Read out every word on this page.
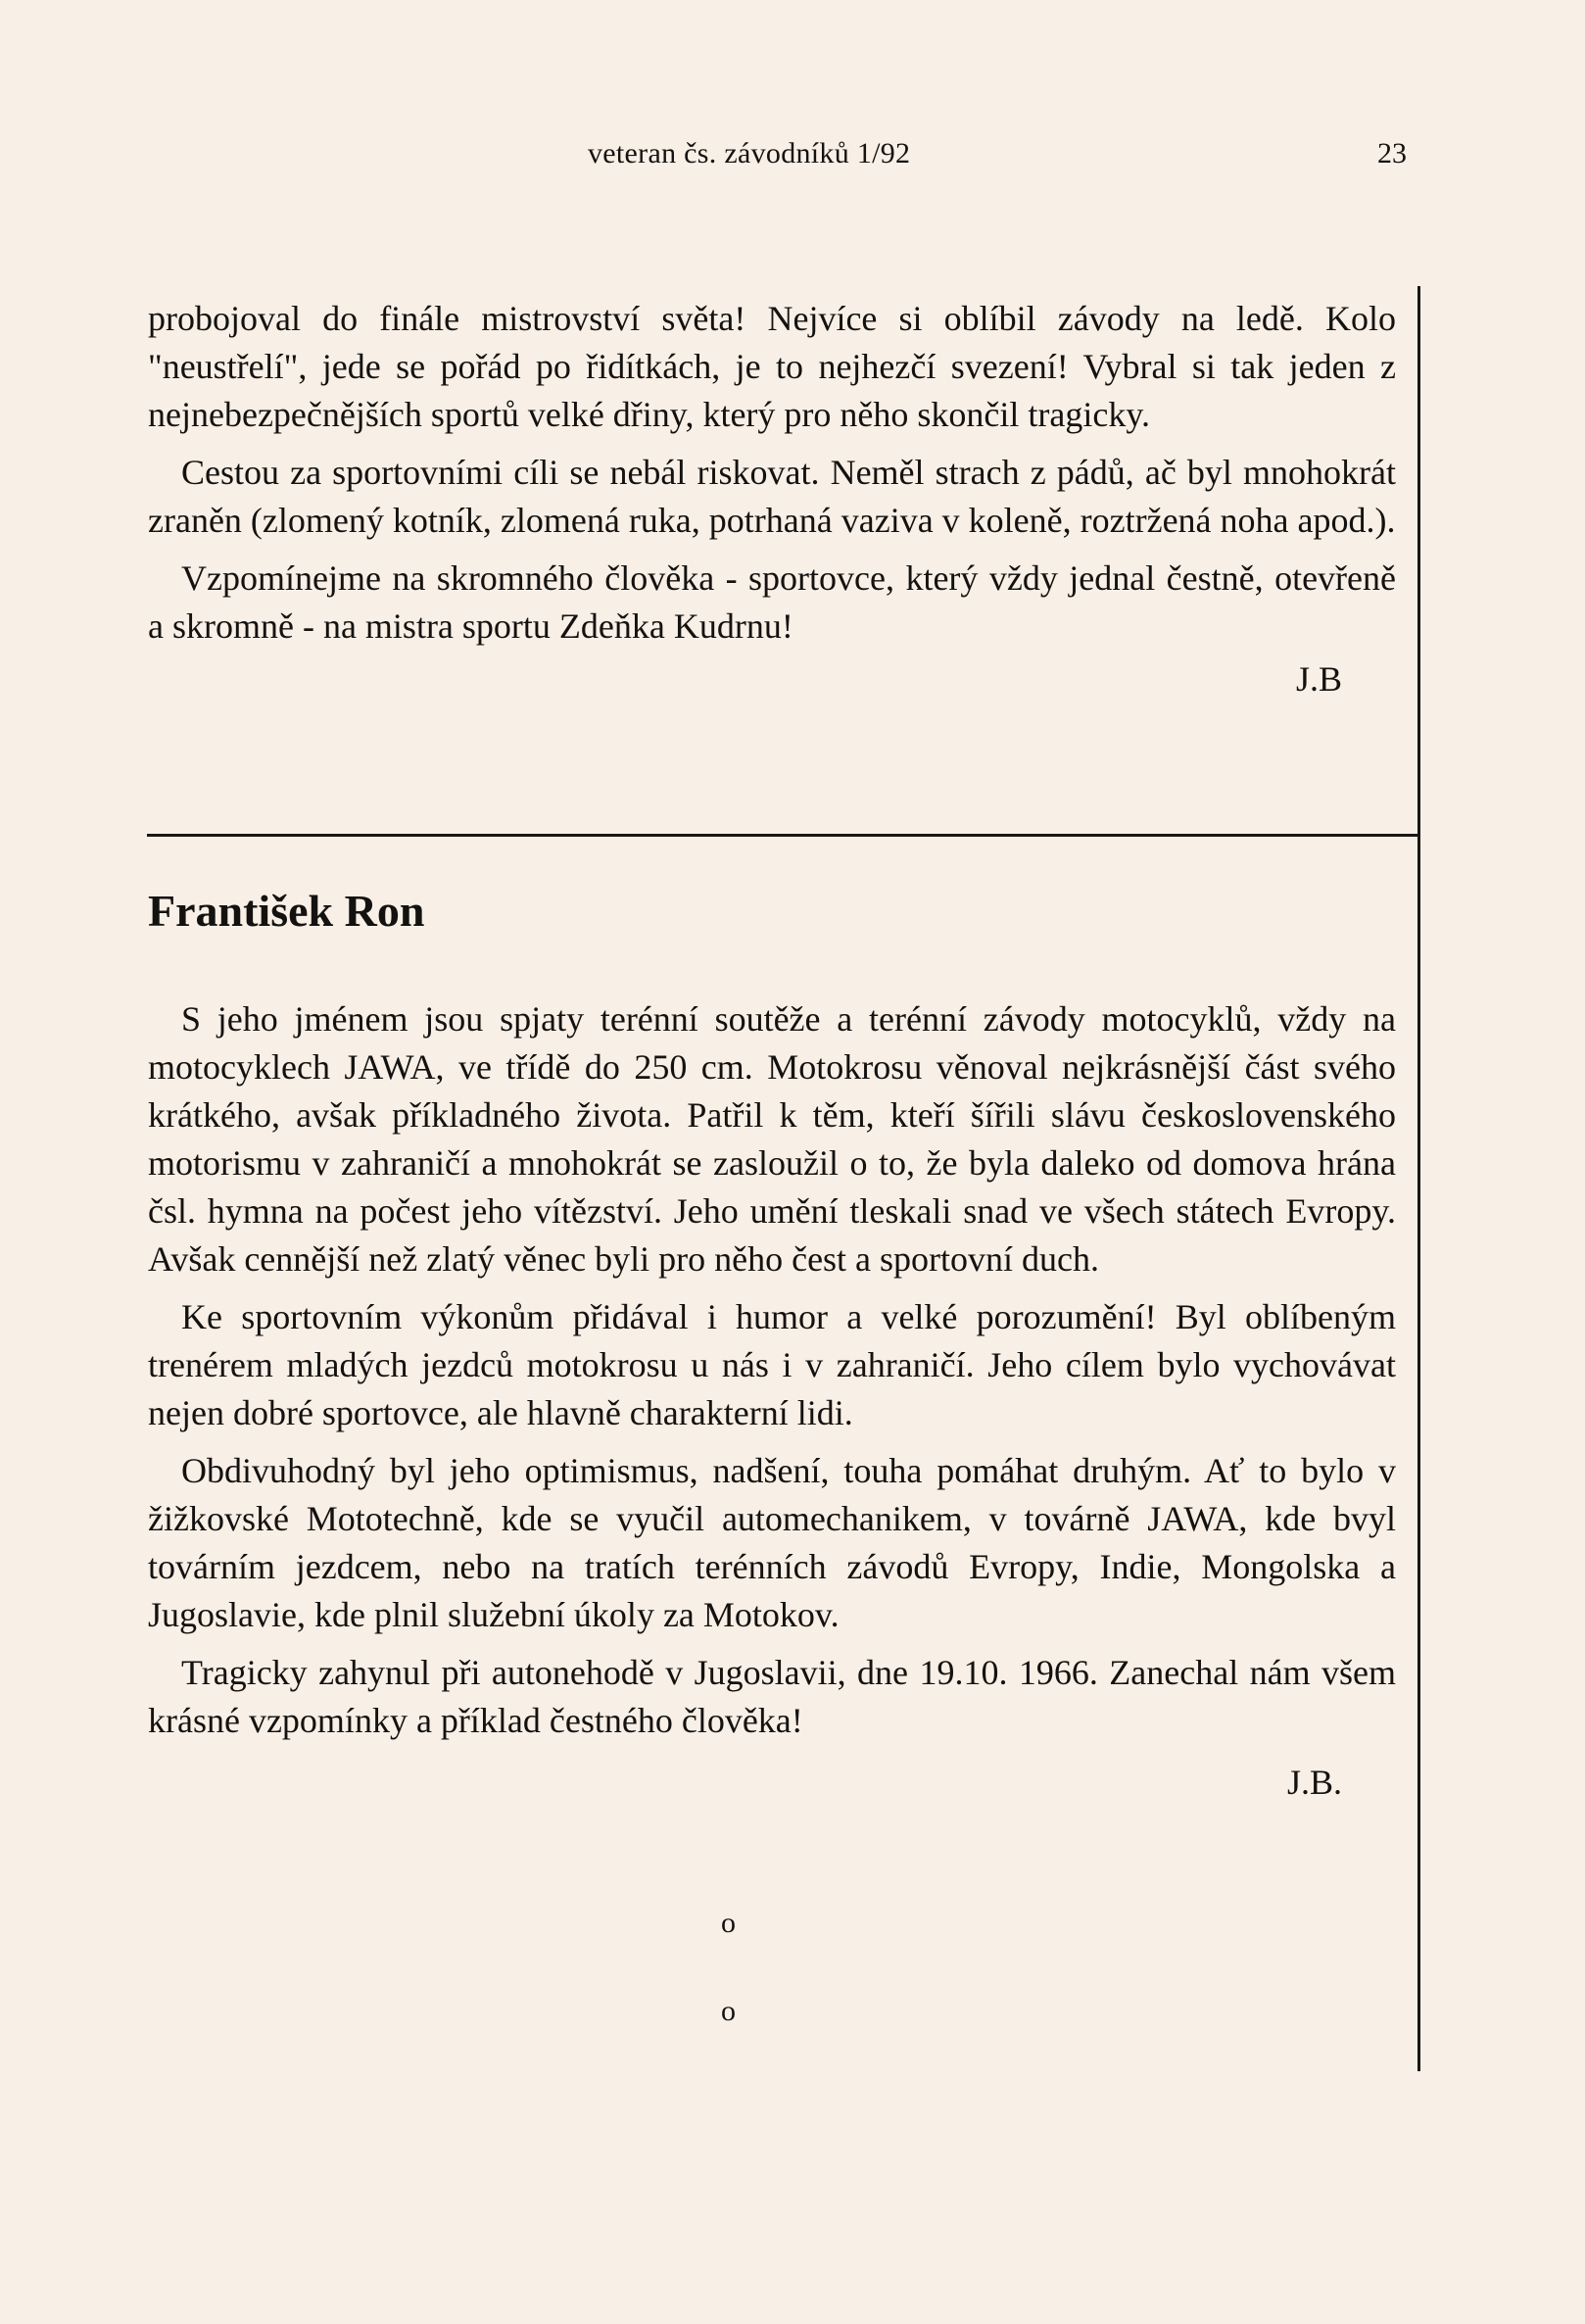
veteran čs. závodníků 1/92	23

probojoval do finále mistrovství světa! Nejvíce si oblíbil závody na ledě. Kolo "neustřelí", jede se pořád po řidítkách, je to nejhezčí svezení! Vybral si tak jeden z nejnebezpečnějších sportů velké dřiny, který pro něho skončil tragicky.

Cestou za sportovními cíli se nebál riskovat. Neměl strach z pádů, ač byl mnohokrát zraněn (zlomený kotník, zlomená ruka, potrhaná vaziva v koleně, roztržená noha apod.).

Vzpomínejme na skromného člověka - sportovce, který vždy jednal čestně, otevřeně a skromně - na mistra sportu Zdeňka Kudrnu!

J.B

František Ron

S jeho jménem jsou spjaty terénní soutěže a terénní závody motocyklů, vždy na motocyklech JAWA, ve třídě do 250 cm. Motokrosu věnoval nejkrásnější část svého krátkého, avšak příkladného života. Patřil k těm, kteří šířili slávu československého motorismu v zahraničí a mnohokrát se zasloužil o to, že byla daleko od domova hrána čsl. hymna na počest jeho vítězství. Jeho umění tleskali snad ve všech státech Evropy. Avšak cennější než zlatý věnec byli pro něho čest a sportovní duch.

Ke sportovním výkonům přidával i humor a velké porozumění! Byl oblíbeným trenérem mladých jezdců motokrosu u nás i v zahraničí. Jeho cílem bylo vychovávat nejen dobré sportovce, ale hlavně charakterní lidi.

Obdivuhodný byl jeho optimismus, nadšení, touha pomáhat druhým. Ať to bylo v žižkovské Mototechně, kde se vyučil automechanikem, v továrně JAWA, kde bvyl továrním jezdcem, nebo na tratích terénních závodů Evropy, Indie, Mongolska a Jugoslavie, kde plnil služební úkoly za Motokov.

Tragicky zahynul při autonehodě v Jugoslavii, dne 19.10. 1966. Zanechal nám všem krásné vzpomínky a příklad čestného člověka!

J.B.

o
o
